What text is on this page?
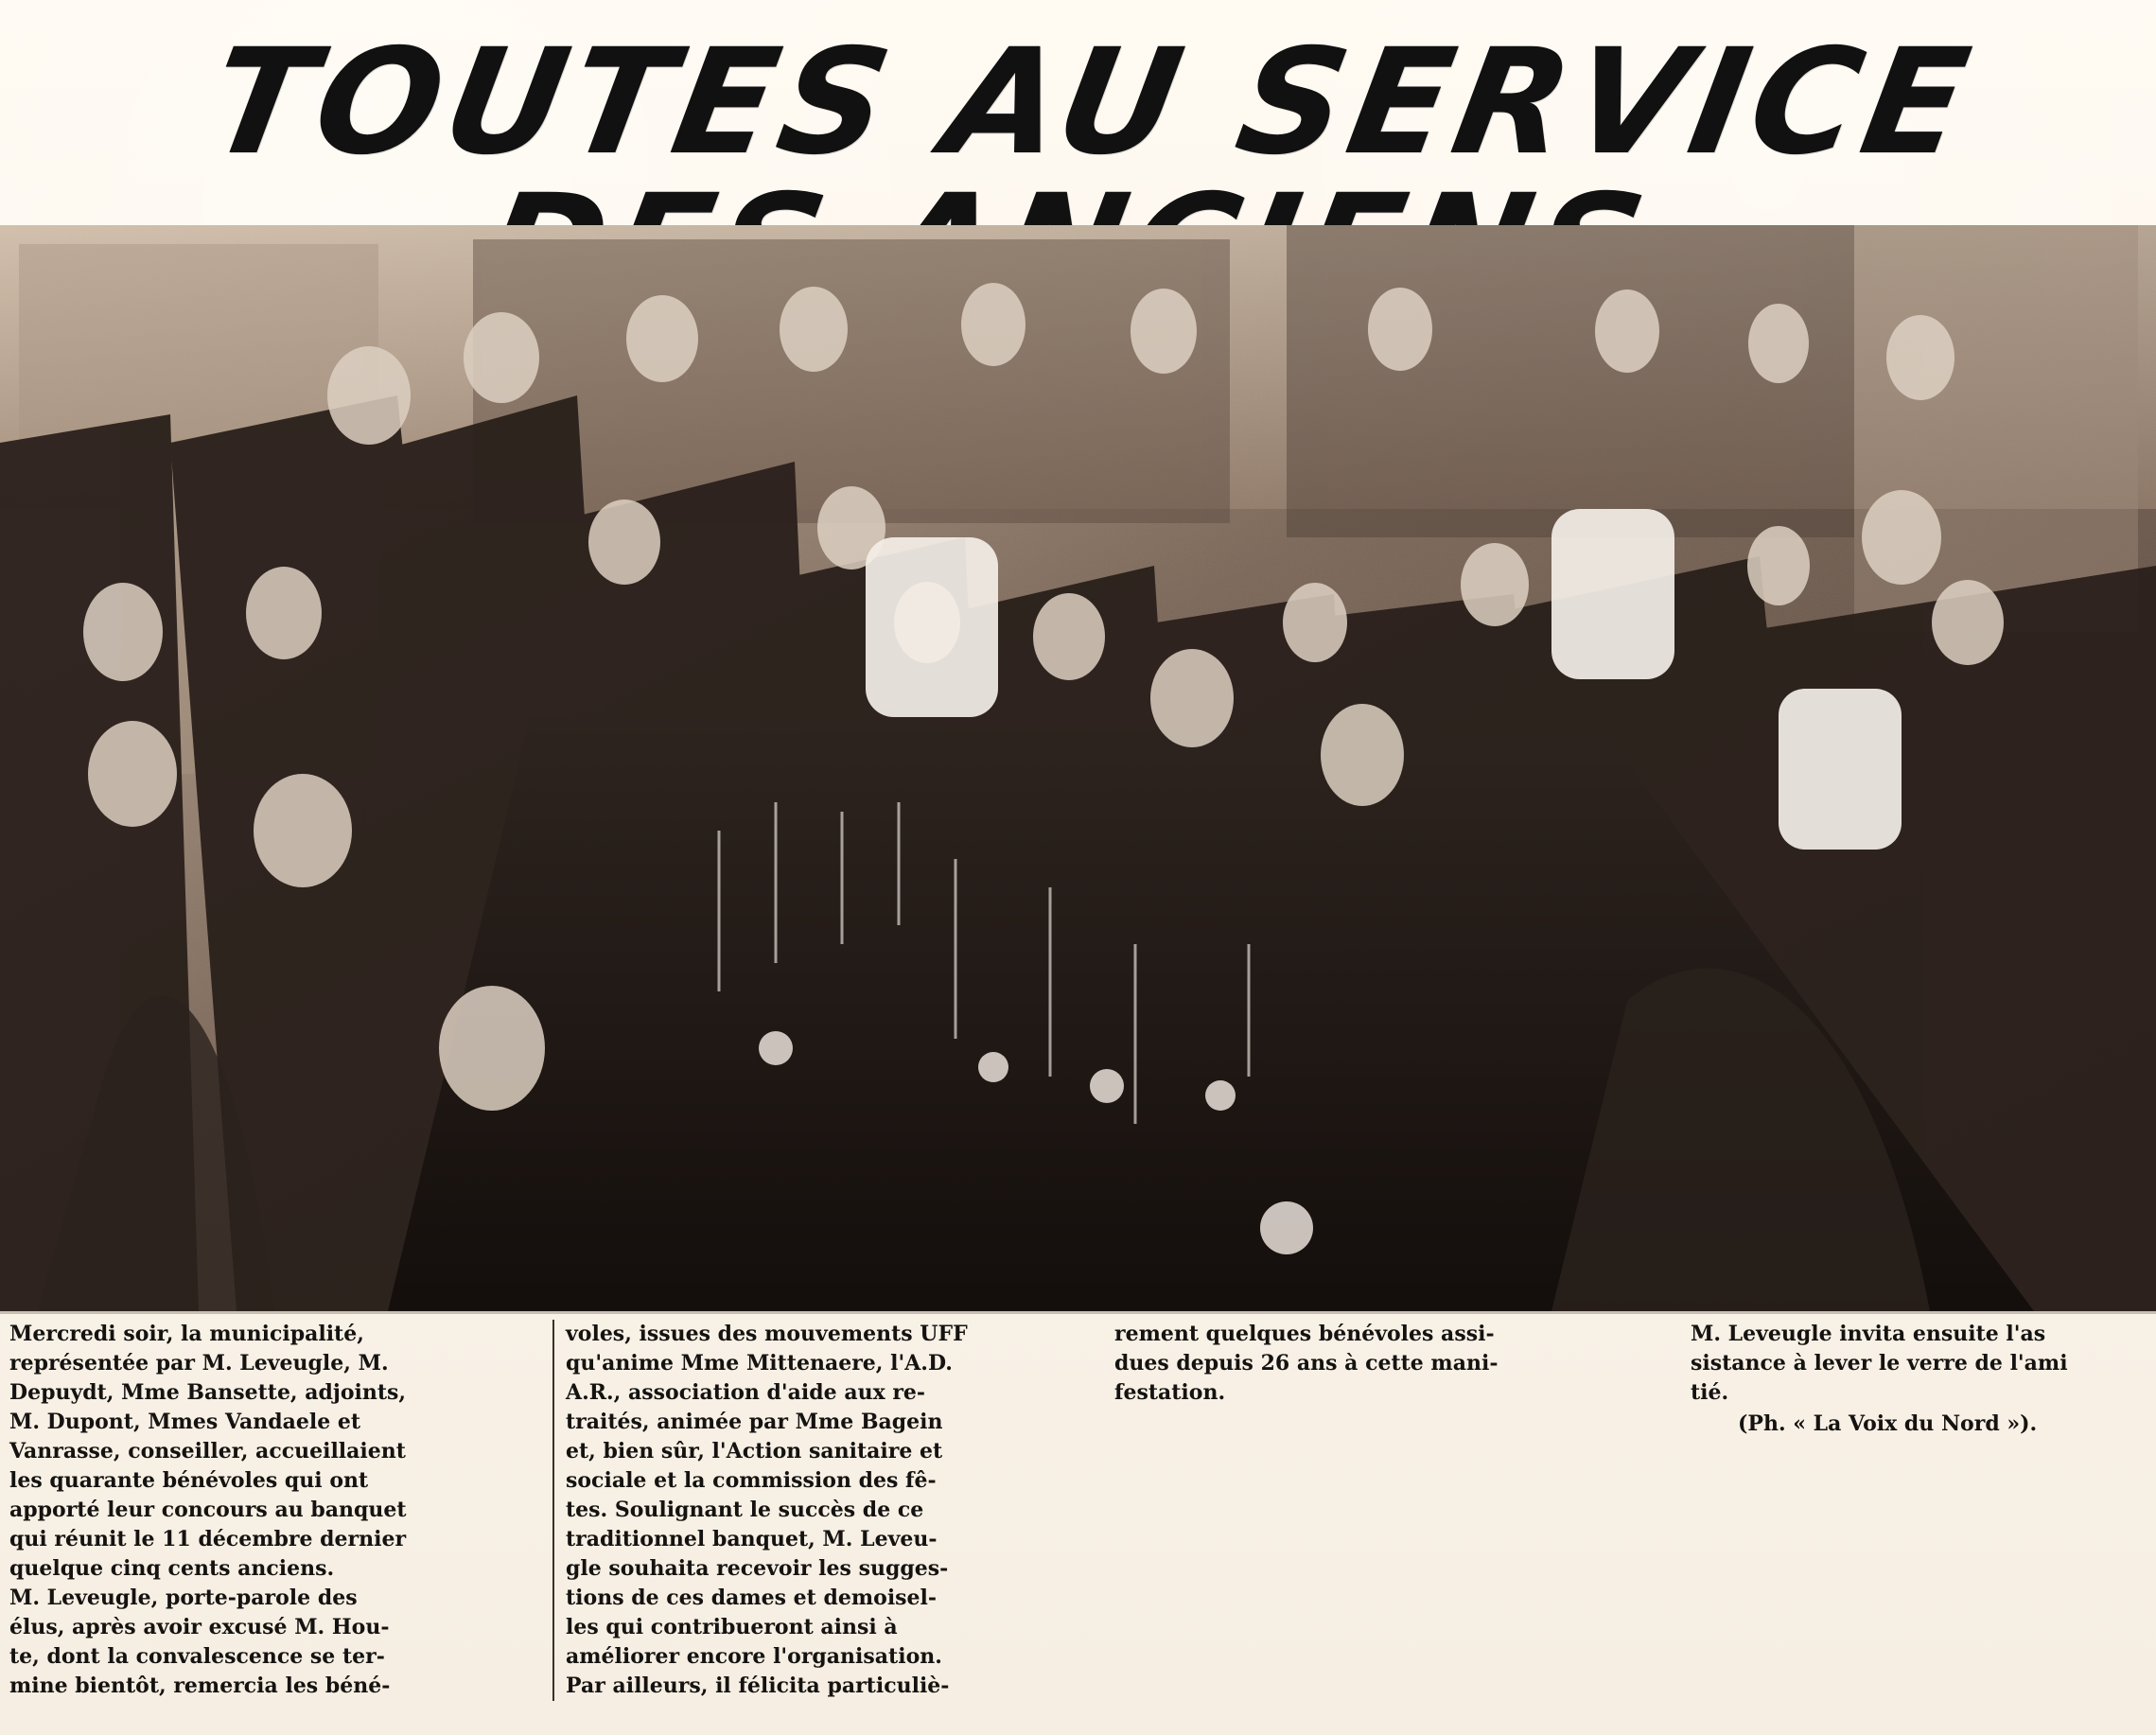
TOUTES AU SERVICE
Mercredi soir, la municipalité,
représentée par M. Leveugle, M.
Depuydt, Mme Bansette, adjoints,
M. Dupont, Mmes Vandaele et
Vanrasse, conseiller, accueillaient
les quarante bénévoles qui ont
apporté leur concours au banquet
qui réunit le 11 décembre dernier
quelque cinq cents anciens.
M. Leveugle, porte-parole des
élus, après avoir excusé M. Hou-
te, dont la convalescence se ter-
mine bientôt, remercia les béné-
voles, issues des mouvements UFF
qu'anime Mme Mittenaere, l'A.D.
A.R., association d'aide aux re-
traités, animée par Mme Bagein
et, bien sûr, l'Action sanitaire et
sociale et la commission des fê-
tes. Soulignant le succès de ce
traditionnel banquet, M. Leveu-
gle souhaita recevoir les sugges-
tions de ces dames et demoisel-
les qui contribueront ainsi à
améliorer encore l'organisation.
Par ailleurs, il félicita particuliè-
rement quelques bénévoles assi-
dues depuis 26 ans à cette mani-
festation.
M. Leveugle invita ensuite l'as
sistance à lever le verre de l'ami
tié.
(Ph. « La Voix du Nord »).
